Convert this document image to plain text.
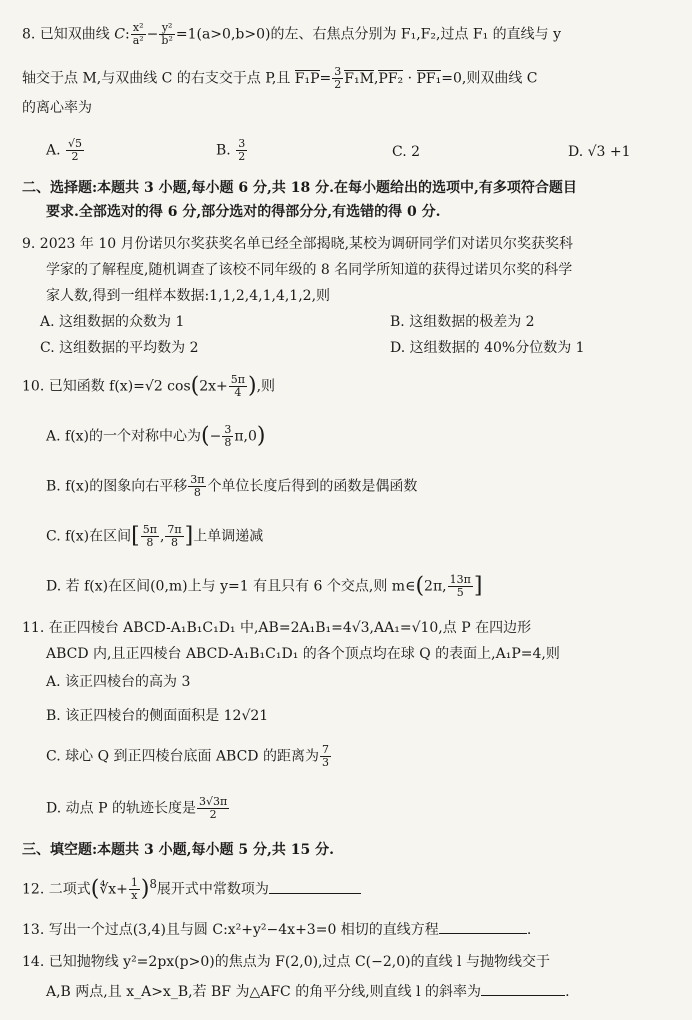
8. 已知双曲线 C: $\frac{\text{x²}}{\text{a²}} - \frac{\text{y²}}{\text{b²}} =1(a>0,b>0)$的左、右焦点分别为 F₁,F₂,过点 F₁ 的直线与 y
轴交于点 M,与双曲线 C 的右支交于点 P,且 $F_1P= \frac{3}{2} F_1M,PF_2 \cdot PF_1=0$,则双曲线 C
的离心率为
A. $\frac{√5}{2}$	B. $\frac{3}{2}$	C. 2	D. √3 +1
二、选择题:本题共 3 小题,每小题 6 分,共 18 分.在每小题给出的选项中,有多项符合题目
要求.全部选对的得 6 分,部分选对的得部分分,有选错的得 0 分.
9. 2023 年 10 月份诺贝尔奖获奖名单已经全部揭晓,某校为调研同学们对诺贝尔奖获奖科
学家的了解程度,随机调查了该校不同年级的 8 名同学所知道的获得过诺贝尔奖的科学
家人数,得到一组样本数据:1,1,2,4,1,4,1,2,则
A. 这组数据的众数为 1	B. 这组数据的极差为 2
C. 这组数据的平均数为 2	D. 这组数据的 40%分位数为 1
10. 已知函数 f(x)=√2 $\cos(2x+ \frac{5\pi}{4}$ ),则
A. f(x)的一个对称中心为(− $\frac{3}{8} \pi,0$)
B. f(x)的图象向右平移 $\frac{3\pi}{8}$ 个单位长度后得到的函数是偶函数
C. f(x)在区间[ $\frac{5\pi}{8}$ , $\frac{7\pi}{8}$ ]上单调递减
D. 若 f(x)在区间(0,m)上与 y=1 有且只有 6 个交点,则 m∈(2π, $\frac{13\pi}{5}$ ]
11. 在正四棱台 ABCD-A₁B₁C₁D₁ 中,AB=2A₁B₁=4√3,AA₁=√10,点 P 在四边形
ABCD 内,且正四棱台 ABCD-A₁B₁C₁D₁ 的各个顶点均在球 Q 的表面上,A₁P=4,则
A. 该正四棱台的高为 3
B. 该正四棱台的侧面面积是 12√21
C. 球心 Q 到正四棱台底面 ABCD 的距离为 $\frac{7}{3}$
D. 动点 P 的轨迹长度是 $\frac{3√3\pi}{2}$
三、填空题:本题共 3 小题,每小题 5 分,共 15 分.
12. 二项式(∜x+ $\frac{1}{x} )^8$展开式中常数项为
13. 写出一个过点(3,4)且与圆 C:x²+y²−4x+3=0 相切的直线方程	.
14. 已知抛物线 y²=2px(p>0)的焦点为 F(2,0),过点 C(−2,0)的直线 l 与抛物线交于
A,B 两点,且 x_A>x_B,若 BF 为△AFC 的角平分线,则直线 l 的斜率为	.
